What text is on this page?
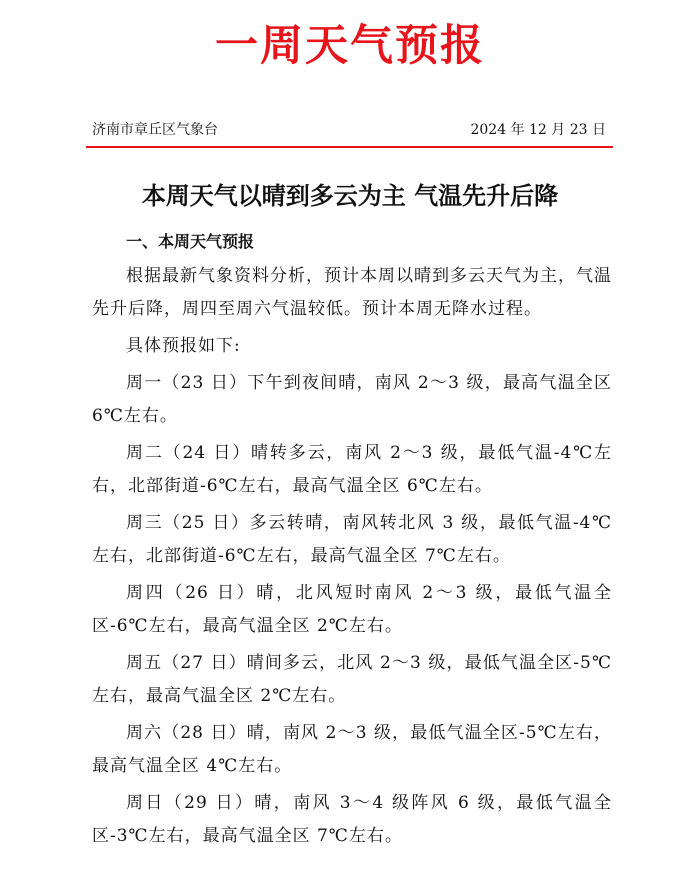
一周天气预报
济南市章丘区气象台	2024 年 12 月 23 日
本周天气以晴到多云为主 气温先升后降

一、本周天气预报

根据最新气象资料分析，预计本周以晴到多云天气为主，气温先升后降，周四至周六气温较低。预计本周无降水过程。

具体预报如下:

周一（23 日）下午到夜间晴，南风 2～3 级，最高气温全区 6℃左右。

周二（24 日）晴转多云，南风 2～3 级，最低气温-4℃左右，北部街道-6℃左右，最高气温全区 6℃左右。

周三（25 日）多云转晴，南风转北风 3 级，最低气温-4℃左右，北部街道-6℃左右，最高气温全区 7℃左右。

周四（26 日）晴，北风短时南风 2～3 级，最低气温全区-6℃左右，最高气温全区 2℃左右。

周五（27 日）晴间多云，北风 2～3 级，最低气温全区-5℃左右，最高气温全区 2℃左右。

周六（28 日）晴，南风 2～3 级，最低气温全区-5℃左右，最高气温全区 4℃左右。

周日（29 日）晴，南风 3～4 级阵风 6 级，最低气温全区-3℃左右，最高气温全区 7℃左右。
